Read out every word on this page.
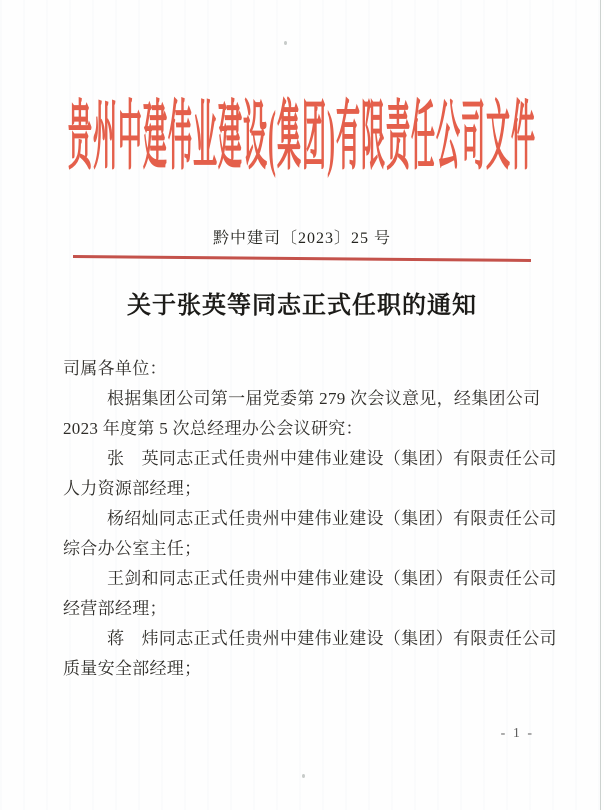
贵州中建伟业建设(集团)有限责任公司文件
黔中建司〔2023〕25 号
关于张英等同志正式任职的通知
司属各单位：
根据集团公司第一届党委第 279 次会议意见，经集团公司
2023 年度第 5 次总经理办公会议研究：
张　英同志正式任贵州中建伟业建设（集团）有限责任公司
人力资源部经理；
杨绍灿同志正式任贵州中建伟业建设（集团）有限责任公司
综合办公室主任；
王剑和同志正式任贵州中建伟业建设（集团）有限责任公司
经营部经理；
蒋　炜同志正式任贵州中建伟业建设（集团）有限责任公司
质量安全部经理；
- 1 -
